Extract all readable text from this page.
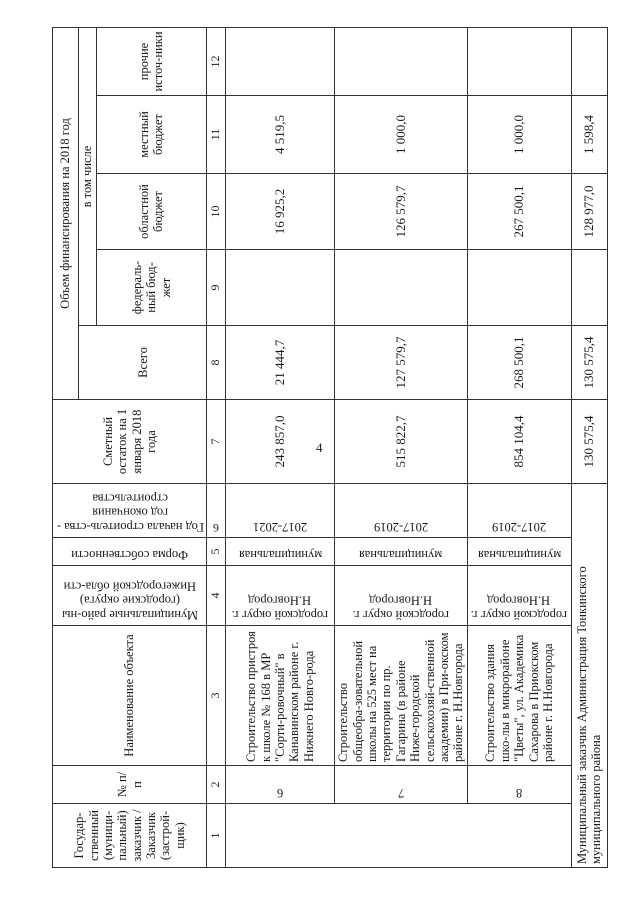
4
Государ-ственный (муници-пальный) заказчик / Заказчик (застрой-щик)	№ п/п	Наименование объекта	Муниципальные райо-ны (городские округа) Нижегородской обла-сти	Форма собственности	Год начала строитель-ства - год окончания строительства	Сметный остаток на 1 января 2018 года	Объем финансирования на 2018 год				
							Всего	в том числе			
								федераль-ный бюд-жет	областной бюджет	местный бюджет	прочие источ-ники
1	2	3	4	5	6	7	8	9	10	11	12

	6	Строительство пристроя к школе № 168 в МР "Сорти-ровочный" в Канавинском районе г. Нижнего Новго-рода	городской округ г. Н.Новгород	муниципальная	2017-2021	243 857,0	21 444,7		16 925,2	4 519,5	

	7	Строительство общеобра-зовательной школы на 525 мест на территории по пр. Гагарина (в районе Ниже-городской сельскохозяй-ственной академии) в При-окском районе г. Н.Новгорода	городской округ г. Н.Новгород	муниципальная	2017-2019	515 822,7	127 579,7		126 579,7	1 000,0	

	8	Строительство здания шко-лы в микрорайоне "Цветы", ул. Академика Сахарова в Приокском районе г. Н.Новгорода	городской округ г. Н.Новгород	муниципальная	2017-2019	854 104,4	268 500,1		267 500,1	1 000,0	
Муниципальный заказчик Администрация Тонкинского муниципального района						130 575,4	130 575,4		128 977,0	1 598,4	
